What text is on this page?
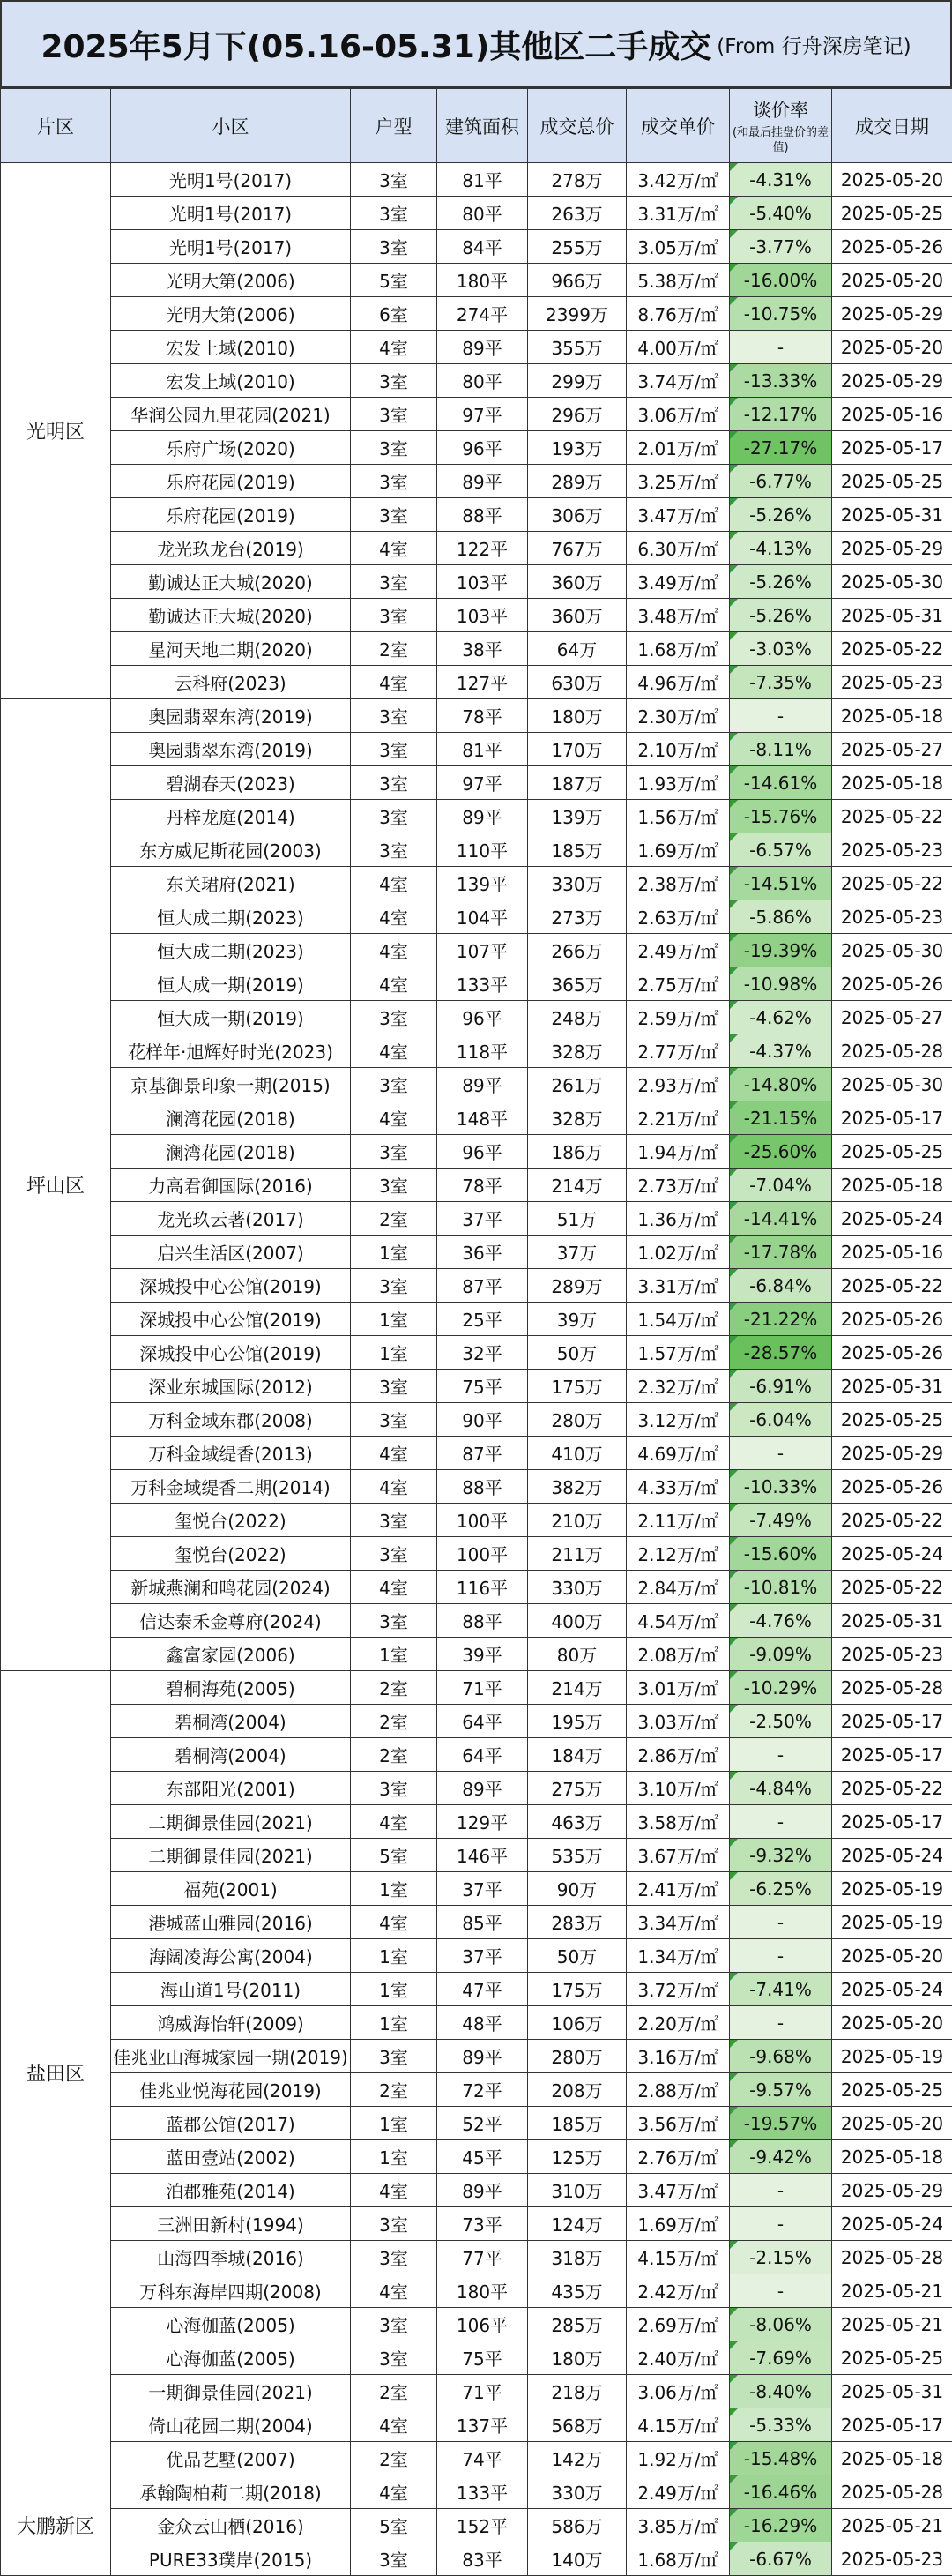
2025年5月下(05.16-05.31)其他区二手成交 (From 行舟深房笔记)
片区	小区	户型	建筑面积	成交总价	成交单价	谈价率
(和最后挂盘价的差值)	成交日期
光明区	光明1号(2017)	3室	81平	278万	3.42万/㎡	-4.31%	2025-05-20
	光明1号(2017)	3室	80平	263万	3.31万/㎡	-5.40%	2025-05-25
	光明1号(2017)	3室	84平	255万	3.05万/㎡	-3.77%	2025-05-26
	光明大第(2006)	5室	180平	966万	5.38万/㎡	-16.00%	2025-05-20
	光明大第(2006)	6室	274平	2399万	8.76万/㎡	-10.75%	2025-05-29
	宏发上域(2010)	4室	89平	355万	4.00万/㎡	-	2025-05-20
	宏发上域(2010)	3室	80平	299万	3.74万/㎡	-13.33%	2025-05-29
	华润公园九里花园(2021)	3室	97平	296万	3.06万/㎡	-12.17%	2025-05-16
	乐府广场(2020)	3室	96平	193万	2.01万/㎡	-27.17%	2025-05-17
	乐府花园(2019)	3室	89平	289万	3.25万/㎡	-6.77%	2025-05-25
	乐府花园(2019)	3室	88平	306万	3.47万/㎡	-5.26%	2025-05-31
	龙光玖龙台(2019)	4室	122平	767万	6.30万/㎡	-4.13%	2025-05-29
	勤诚达正大城(2020)	3室	103平	360万	3.49万/㎡	-5.26%	2025-05-30
	勤诚达正大城(2020)	3室	103平	360万	3.48万/㎡	-5.26%	2025-05-31
	星河天地二期(2020)	2室	38平	64万	1.68万/㎡	-3.03%	2025-05-22
	云科府(2023)	4室	127平	630万	4.96万/㎡	-7.35%	2025-05-23
坪山区	奥园翡翠东湾(2019)	3室	78平	180万	2.30万/㎡	-	2025-05-18
	奥园翡翠东湾(2019)	3室	81平	170万	2.10万/㎡	-8.11%	2025-05-27
	碧湖春天(2023)	3室	97平	187万	1.93万/㎡	-14.61%	2025-05-18
	丹梓龙庭(2014)	3室	89平	139万	1.56万/㎡	-15.76%	2025-05-22
	东方威尼斯花园(2003)	3室	110平	185万	1.69万/㎡	-6.57%	2025-05-23
	东关珺府(2021)	4室	139平	330万	2.38万/㎡	-14.51%	2025-05-22
	恒大成二期(2023)	4室	104平	273万	2.63万/㎡	-5.86%	2025-05-23
	恒大成二期(2023)	4室	107平	266万	2.49万/㎡	-19.39%	2025-05-30
	恒大成一期(2019)	4室	133平	365万	2.75万/㎡	-10.98%	2025-05-26
	恒大成一期(2019)	3室	96平	248万	2.59万/㎡	-4.62%	2025-05-27
	花样年·旭辉好时光(2023)	4室	118平	328万	2.77万/㎡	-4.37%	2025-05-28
	京基御景印象一期(2015)	3室	89平	261万	2.93万/㎡	-14.80%	2025-05-30
	澜湾花园(2018)	4室	148平	328万	2.21万/㎡	-21.15%	2025-05-17
	澜湾花园(2018)	3室	96平	186万	1.94万/㎡	-25.60%	2025-05-25
	力高君御国际(2016)	3室	78平	214万	2.73万/㎡	-7.04%	2025-05-18
	龙光玖云著(2017)	2室	37平	51万	1.36万/㎡	-14.41%	2025-05-24
	启兴生活区(2007)	1室	36平	37万	1.02万/㎡	-17.78%	2025-05-16
	深城投中心公馆(2019)	3室	87平	289万	3.31万/㎡	-6.84%	2025-05-22
	深城投中心公馆(2019)	1室	25平	39万	1.54万/㎡	-21.22%	2025-05-26
	深城投中心公馆(2019)	1室	32平	50万	1.57万/㎡	-28.57%	2025-05-26
	深业东城国际(2012)	3室	75平	175万	2.32万/㎡	-6.91%	2025-05-31
	万科金域东郡(2008)	3室	90平	280万	3.12万/㎡	-6.04%	2025-05-25
	万科金域缇香(2013)	4室	87平	410万	4.69万/㎡	-	2025-05-29
	万科金域缇香二期(2014)	4室	88平	382万	4.33万/㎡	-10.33%	2025-05-26
	玺悦台(2022)	3室	100平	210万	2.11万/㎡	-7.49%	2025-05-22
	玺悦台(2022)	3室	100平	211万	2.12万/㎡	-15.60%	2025-05-24
	新城燕澜和鸣花园(2024)	4室	116平	330万	2.84万/㎡	-10.81%	2025-05-22
	信达泰禾金尊府(2024)	3室	88平	400万	4.54万/㎡	-4.76%	2025-05-31
	鑫富家园(2006)	1室	39平	80万	2.08万/㎡	-9.09%	2025-05-23
盐田区	碧桐海苑(2005)	2室	71平	214万	3.01万/㎡	-10.29%	2025-05-28
	碧桐湾(2004)	2室	64平	195万	3.03万/㎡	-2.50%	2025-05-17
	碧桐湾(2004)	2室	64平	184万	2.86万/㎡	-	2025-05-17
	东部阳光(2001)	3室	89平	275万	3.10万/㎡	-4.84%	2025-05-22
	二期御景佳园(2021)	4室	129平	463万	3.58万/㎡	-	2025-05-17
	二期御景佳园(2021)	5室	146平	535万	3.67万/㎡	-9.32%	2025-05-24
	福苑(2001)	1室	37平	90万	2.41万/㎡	-6.25%	2025-05-19
	港城蓝山雅园(2016)	4室	85平	283万	3.34万/㎡	-	2025-05-19
	海阔凌海公寓(2004)	1室	37平	50万	1.34万/㎡	-	2025-05-20
	海山道1号(2011)	1室	47平	175万	3.72万/㎡	-7.41%	2025-05-24
	鸿威海怡轩(2009)	1室	48平	106万	2.20万/㎡	-	2025-05-20
	佳兆业山海城家园一期(2019)	3室	89平	280万	3.16万/㎡	-9.68%	2025-05-19
	佳兆业悦海花园(2019)	2室	72平	208万	2.88万/㎡	-9.57%	2025-05-25
	蓝郡公馆(2017)	1室	52平	185万	3.56万/㎡	-19.57%	2025-05-20
	蓝田壹站(2002)	1室	45平	125万	2.76万/㎡	-9.42%	2025-05-18
	泊郡雅苑(2014)	4室	89平	310万	3.47万/㎡	-	2025-05-29
	三洲田新村(1994)	3室	73平	124万	1.69万/㎡	-	2025-05-24
	山海四季城(2016)	3室	77平	318万	4.15万/㎡	-2.15%	2025-05-28
	万科东海岸四期(2008)	4室	180平	435万	2.42万/㎡	-	2025-05-21
	心海伽蓝(2005)	3室	106平	285万	2.69万/㎡	-8.06%	2025-05-21
	心海伽蓝(2005)	3室	75平	180万	2.40万/㎡	-7.69%	2025-05-25
	一期御景佳园(2021)	2室	71平	218万	3.06万/㎡	-8.40%	2025-05-31
	倚山花园二期(2004)	4室	137平	568万	4.15万/㎡	-5.33%	2025-05-17
	优品艺墅(2007)	2室	74平	142万	1.92万/㎡	-15.48%	2025-05-18
大鹏新区	承翰陶柏莉二期(2018)	4室	133平	330万	2.49万/㎡	-16.46%	2025-05-28
	金众云山栖(2016)	5室	152平	586万	3.85万/㎡	-16.29%	2025-05-21
	PURE33璞岸(2015)	3室	83平	140万	1.68万/㎡	-6.67%	2025-05-23
